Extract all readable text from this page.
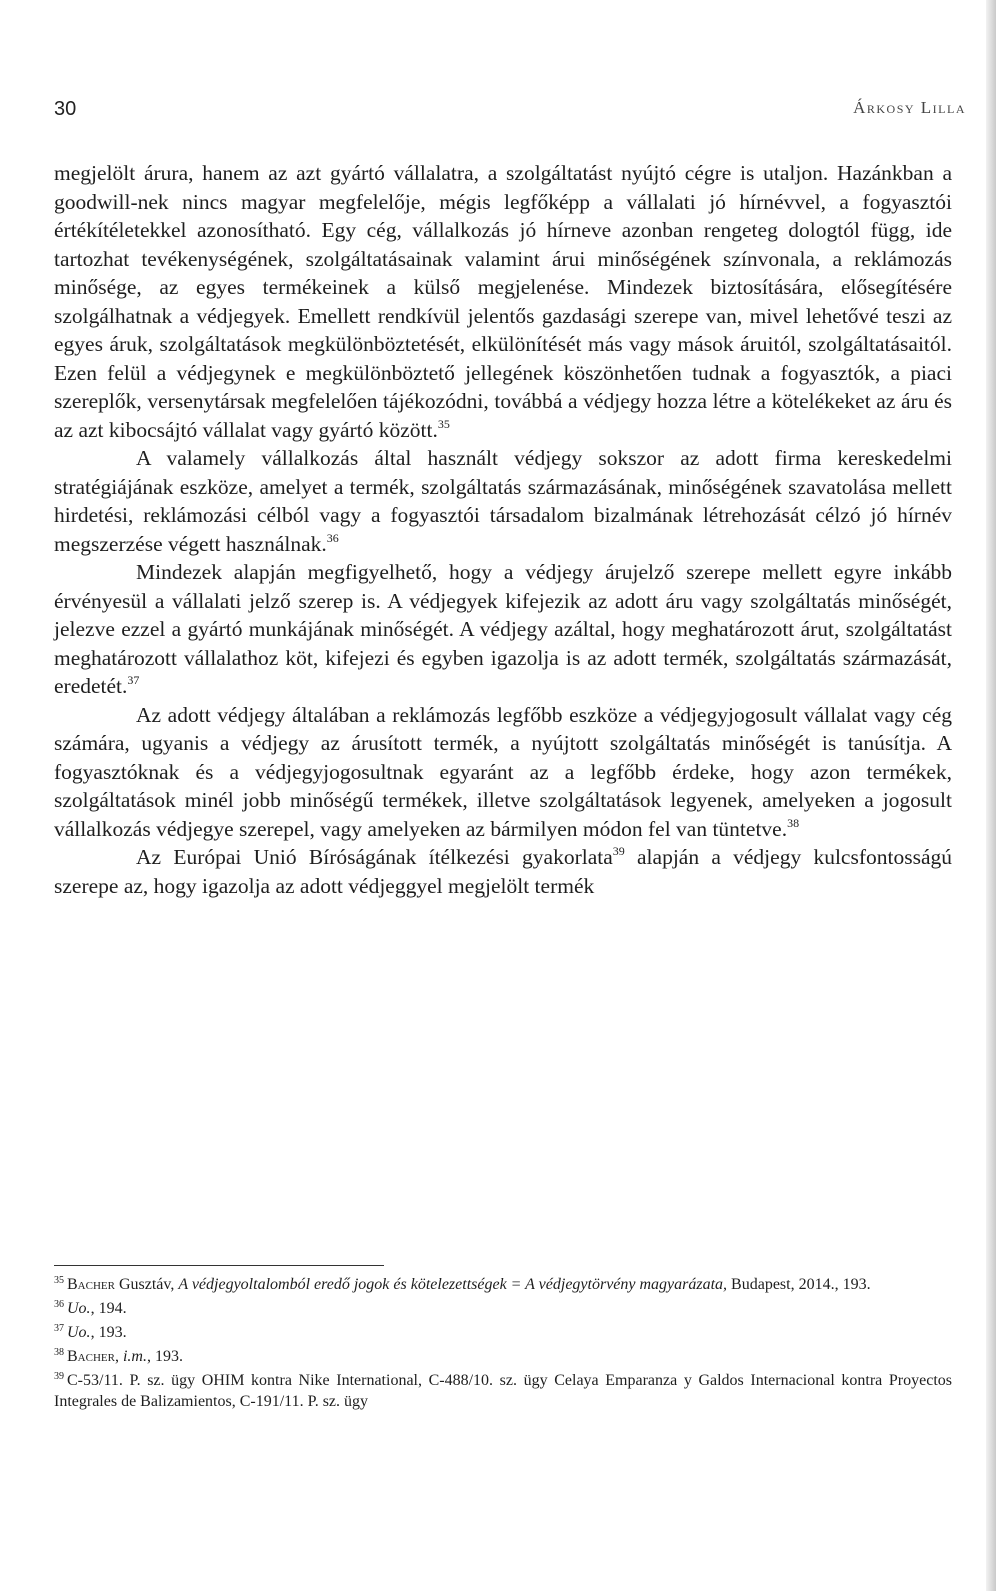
30	Árkosy Lilla

megjelölt árura, hanem az azt gyártó vállalatra, a szolgáltatást nyújtó cégre is utaljon. Hazánkban a goodwill-nek nincs magyar megfelelője, mégis legfőképp a vállalati jó hírnévvel, a fogyasztói értékítéletekkel azonosítható. Egy cég, vállalkozás jó hírneve azonban rengeteg dologtól függ, ide tartozhat tevékenységének, szolgáltatásainak valamint árui minőségének színvonala, a reklámozás minősége, az egyes termékeinek a külső megjelenése. Mindezek biztosítására, elősegítésére szolgálhatnak a védjegyek. Emellett rendkívül jelentős gazdasági szerepe van, mivel lehetővé teszi az egyes áruk, szolgáltatások megkülönböztetését, elkülönítését más vagy mások áruitól, szolgáltatásaitól. Ezen felül a védjegynek e megkülönböztető jellegének köszönhetően tudnak a fogyasztók, a piaci szereplők, versenytársak megfelelően tájékozódni, továbbá a védjegy hozza létre a kötelékeket az áru és az azt kibocsájtó vállalat vagy gyártó között.$^{35}$

A valamely vállalkozás által használt védjegy sokszor az adott firma kereskedelmi stratégiájának eszköze, amelyet a termék, szolgáltatás származásának, minőségének szavatolása mellett hirdetési, reklámozási célból vagy a fogyasztói társadalom bizalmának létrehozását célzó jó hírnév megszerzése végett használnak.$^{36}$

Mindezek alapján megfigyelhető, hogy a védjegy árujelző szerepe mellett egyre inkább érvényesül a vállalati jelző szerep is. A védjegyek kifejezik az adott áru vagy szolgáltatás minőségét, jelezve ezzel a gyártó munkájának minőségét. A védjegy azáltal, hogy meghatározott árut, szolgáltatást meghatározott vállalathoz köt, kifejezi és egyben igazolja is az adott termék, szolgáltatás származását, eredetét.$^{37}$

Az adott védjegy általában a reklámozás legfőbb eszköze a védjegyjogosult vállalat vagy cég számára, ugyanis a védjegy az árusított termék, a nyújtott szolgáltatás minőségét is tanúsítja. A fogyasztóknak és a védjegyjogosultnak egyaránt az a legfőbb érdeke, hogy azon termékek, szolgáltatások minél jobb minőségű termékek, illetve szolgáltatások legyenek, amelyeken a jogosult vállalkozás védjegye szerepel, vagy amelyeken az bármilyen módon fel van tüntetve.$^{38}$

Az Európai Unió Bíróságának ítélkezési gyakorlata$^{39}$ alapján a védjegy kulcsfontosságú szerepe az, hogy igazolja az adott védjeggyel megjelölt termék

$^{35}$ Bacher Gusztáv, A védjegyoltalomból eredő jogok és kötelezettségek = A védjegytörvény magyarázata, Budapest, 2014., 193.

$^{36}$ Uo., 194.

$^{37}$ Uo., 193.

$^{38}$ Bacher, i.m., 193.

$^{39}$ C-53/11. P. sz. ügy OHIM kontra Nike International, C-488/10. sz. ügy Celaya Emparanza y Galdos Internacional kontra Proyectos Integrales de Balizamientos, C-191/11. P. sz. ügy
